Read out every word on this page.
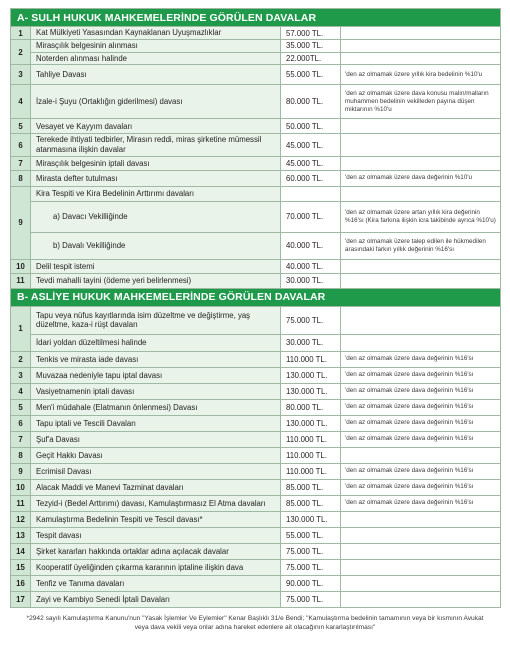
A- SULH HUKUK MAHKEMELERİNDE GÖRÜLEN DAVALAR			
1	Kat Mülkiyeti Yasasından Kaynaklanan Uyuşmazlıklar	57.000 TL.	
2	Mirasçılık belgesinin alınması	35.000 TL.	
	Noterden alınması halinde	22.000TL.	
3	Tahliye Davası	55.000 TL.	'den az olmamak üzere yıllık kira bedelinin %10'u
4	İzale-i Şuyu (Ortaklığın giderilmesi) davası	80.000 TL.	'den az olmamak üzere dava konusu malın/malların muhammen bedelinin vekilleden payına düşen miktarının %10'u
5	Vesayet ve Kayyım davaları	50.000 TL.	
6	Terekede ihtiyati tedbirler, Mirasın reddi, miras şirketine mümessil atanmasına ilişkin davalar	45.000 TL.	
7	Mirasçılık belgesinin iptali davası	45.000 TL.	
8	Mirasta defter tutulması	60.000 TL.	'den az olmamak üzere dava değerinin %10'u
9	Kira Tespiti ve Kira Bedelinin Arttırımı davaları		
	a) Davacı Vekilliğinde	70.000 TL.	'den az olmamak üzere artan yıllık kira değerinin %16'sı (Kira farkına ilişkin icra takibinde ayrıca %10'u)
	b) Davalı Vekilliğinde	40.000 TL.	'den az olmamak üzere talep edilen ile hükmedilen arasındaki farkın yıllık değerinin %16'sı
10	Delil tespit istemi	40.000 TL.	
11	Tevdi mahalli tayini (ödeme yeri belirlenmesi)	30.000 TL.	
B- ASLİYE HUKUK MAHKEMELERİNDE GÖRÜLEN DAVALAR			
1	Tapu veya nüfus kayıtlarında isim düzeltme ve değiştirme, yaş düzeltme, kaza-i rüşt davaları	75.000 TL.	
	İdari yoldan düzeltilmesi halinde	30.000 TL.	
2	Tenkis ve mirasta iade davası	110.000 TL.	'den az olmamak üzere dava değerinin %16'sı
3	Muvazaa nedeniyle tapu iptal davası	130.000 TL.	'den az olmamak üzere dava değerinin %16'sı
4	Vasiyetnamenin iptali davası	130.000 TL.	'den az olmamak üzere dava değerinin %16'sı
5	Men'i müdahale (Elatmanın önlenmesi) Davası	80.000 TL.	'den az olmamak üzere dava değerinin %16'sı
6	Tapu iptali ve Tescili Davaları	130.000 TL.	'den az olmamak üzere dava değerinin %16'sı
7	Şuf'a Davası	110.000 TL.	'den az olmamak üzere dava değerinin %16'sı
8	Geçit Hakkı Davası	110.000 TL.	
9	Ecrimisil Davası	110.000 TL.	'den az olmamak üzere dava değerinin %16'sı
10	Alacak Maddi ve Manevi Tazminat davaları	85.000 TL.	'den az olmamak üzere dava değerinin %16'sı
11	Tezyid-i (Bedel Arttırımı) davası, Kamulaştırmasız El Atma davaları	85.000 TL.	'den az olmamak üzere dava değerinin %16'sı
12	Kamulaştırma Bedelinin Tespiti ve Tescil davası*	130.000 TL.	
13	Tespit davası	55.000 TL.	
14	Şirket kararları hakkında ortaklar adına açılacak davalar	75.000 TL.	
15	Kooperatif üyeliğinden çıkarma kararının iptaline ilişkin dava	75.000 TL.	
16	Tenfiz ve Tanıma davaları	90.000 TL.	
17	Zayi ve Kambiyo Senedi İptali Davaları	75.000 TL.	
*2942 sayılı Kamulaştırma Kanunu'nun "Yasak İşlemler Ve Eylemler" Kenar Başlıklı 31/e Bendi; "Kamulaştırma bedelinin tamamının veya bir kısmının Avukat veya dava vekili veya onlar adına hareket edenlere ait olacağının kararlaştırılması"
